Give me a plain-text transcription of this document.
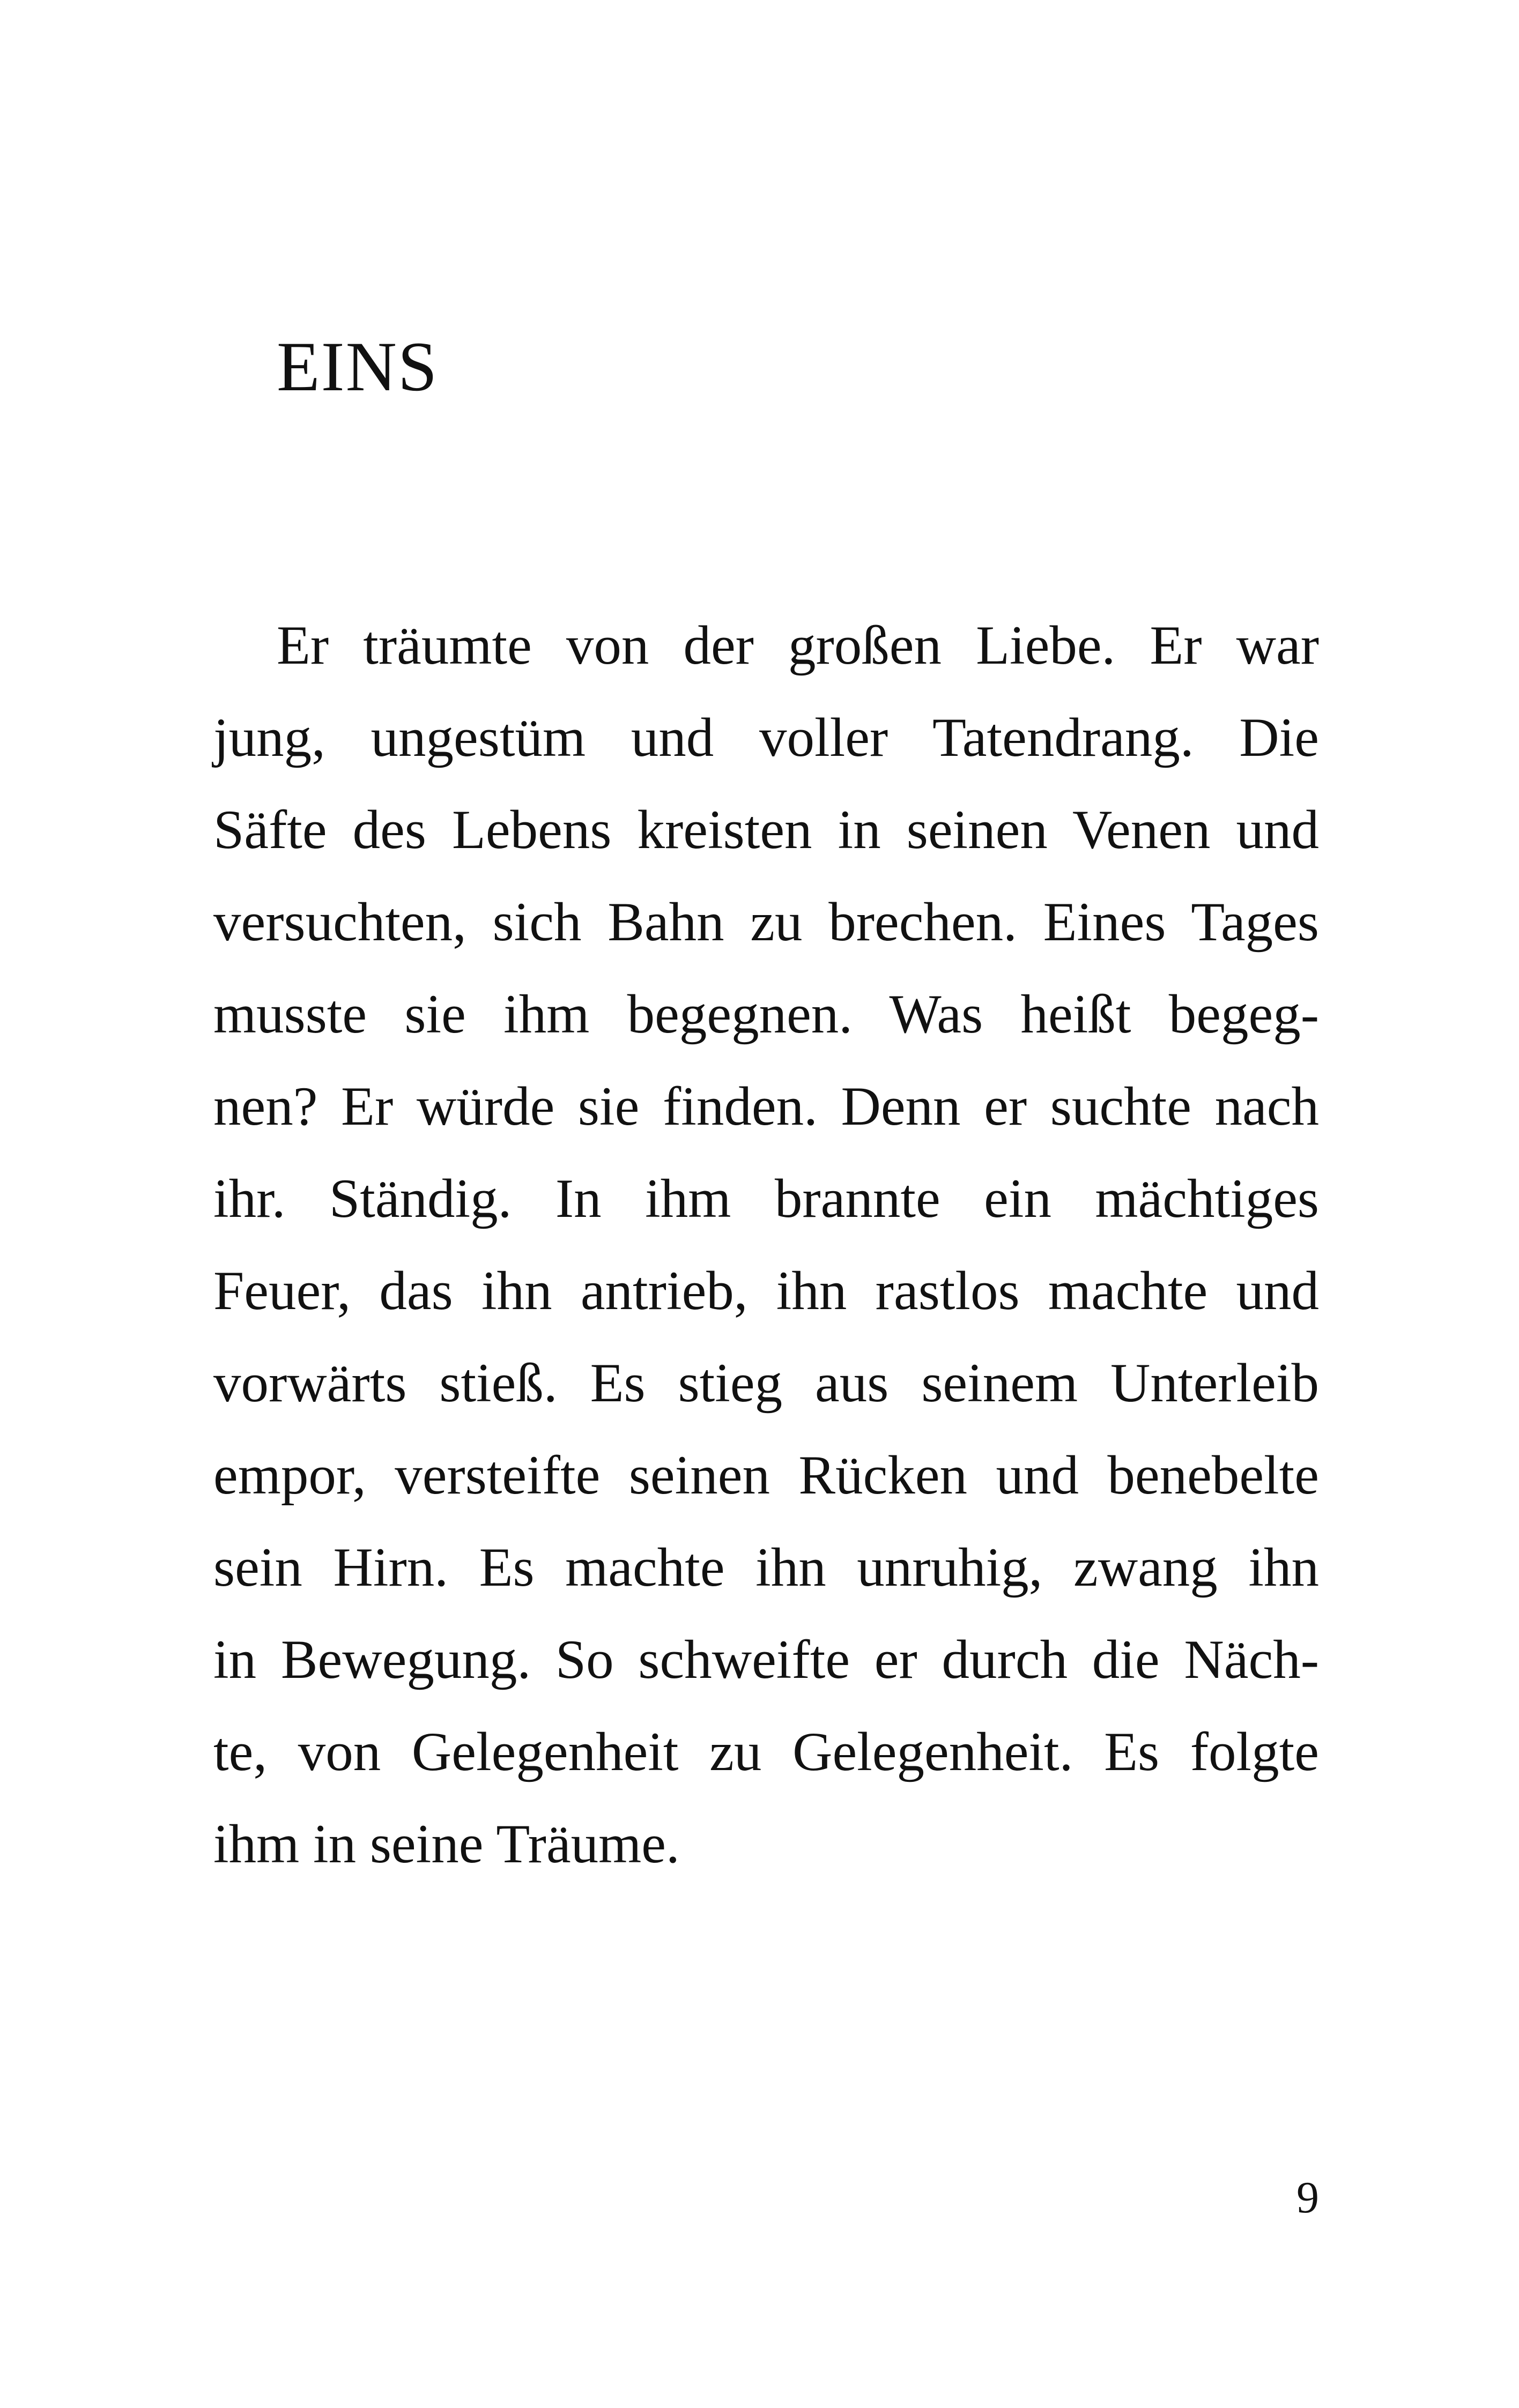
EINS
Er träumte von der großen Liebe. Er war
jung, ungestüm und voller Tatendrang. Die
Säfte des Lebens kreisten in seinen Venen und
versuchten, sich Bahn zu brechen. Eines Tages
musste sie ihm begegnen. Was heißt begeg-
nen? Er würde sie finden. Denn er suchte nach
ihr. Ständig. In ihm brannte ein mächtiges
Feuer, das ihn antrieb, ihn rastlos machte und
vorwärts stieß. Es stieg aus seinem Unterleib
empor, versteifte seinen Rücken und benebelte
sein Hirn. Es machte ihn unruhig, zwang ihn
in Bewegung. So schweifte er durch die Näch-
te, von Gelegenheit zu Gelegenheit. Es folgte
ihm in seine Träume.
9
